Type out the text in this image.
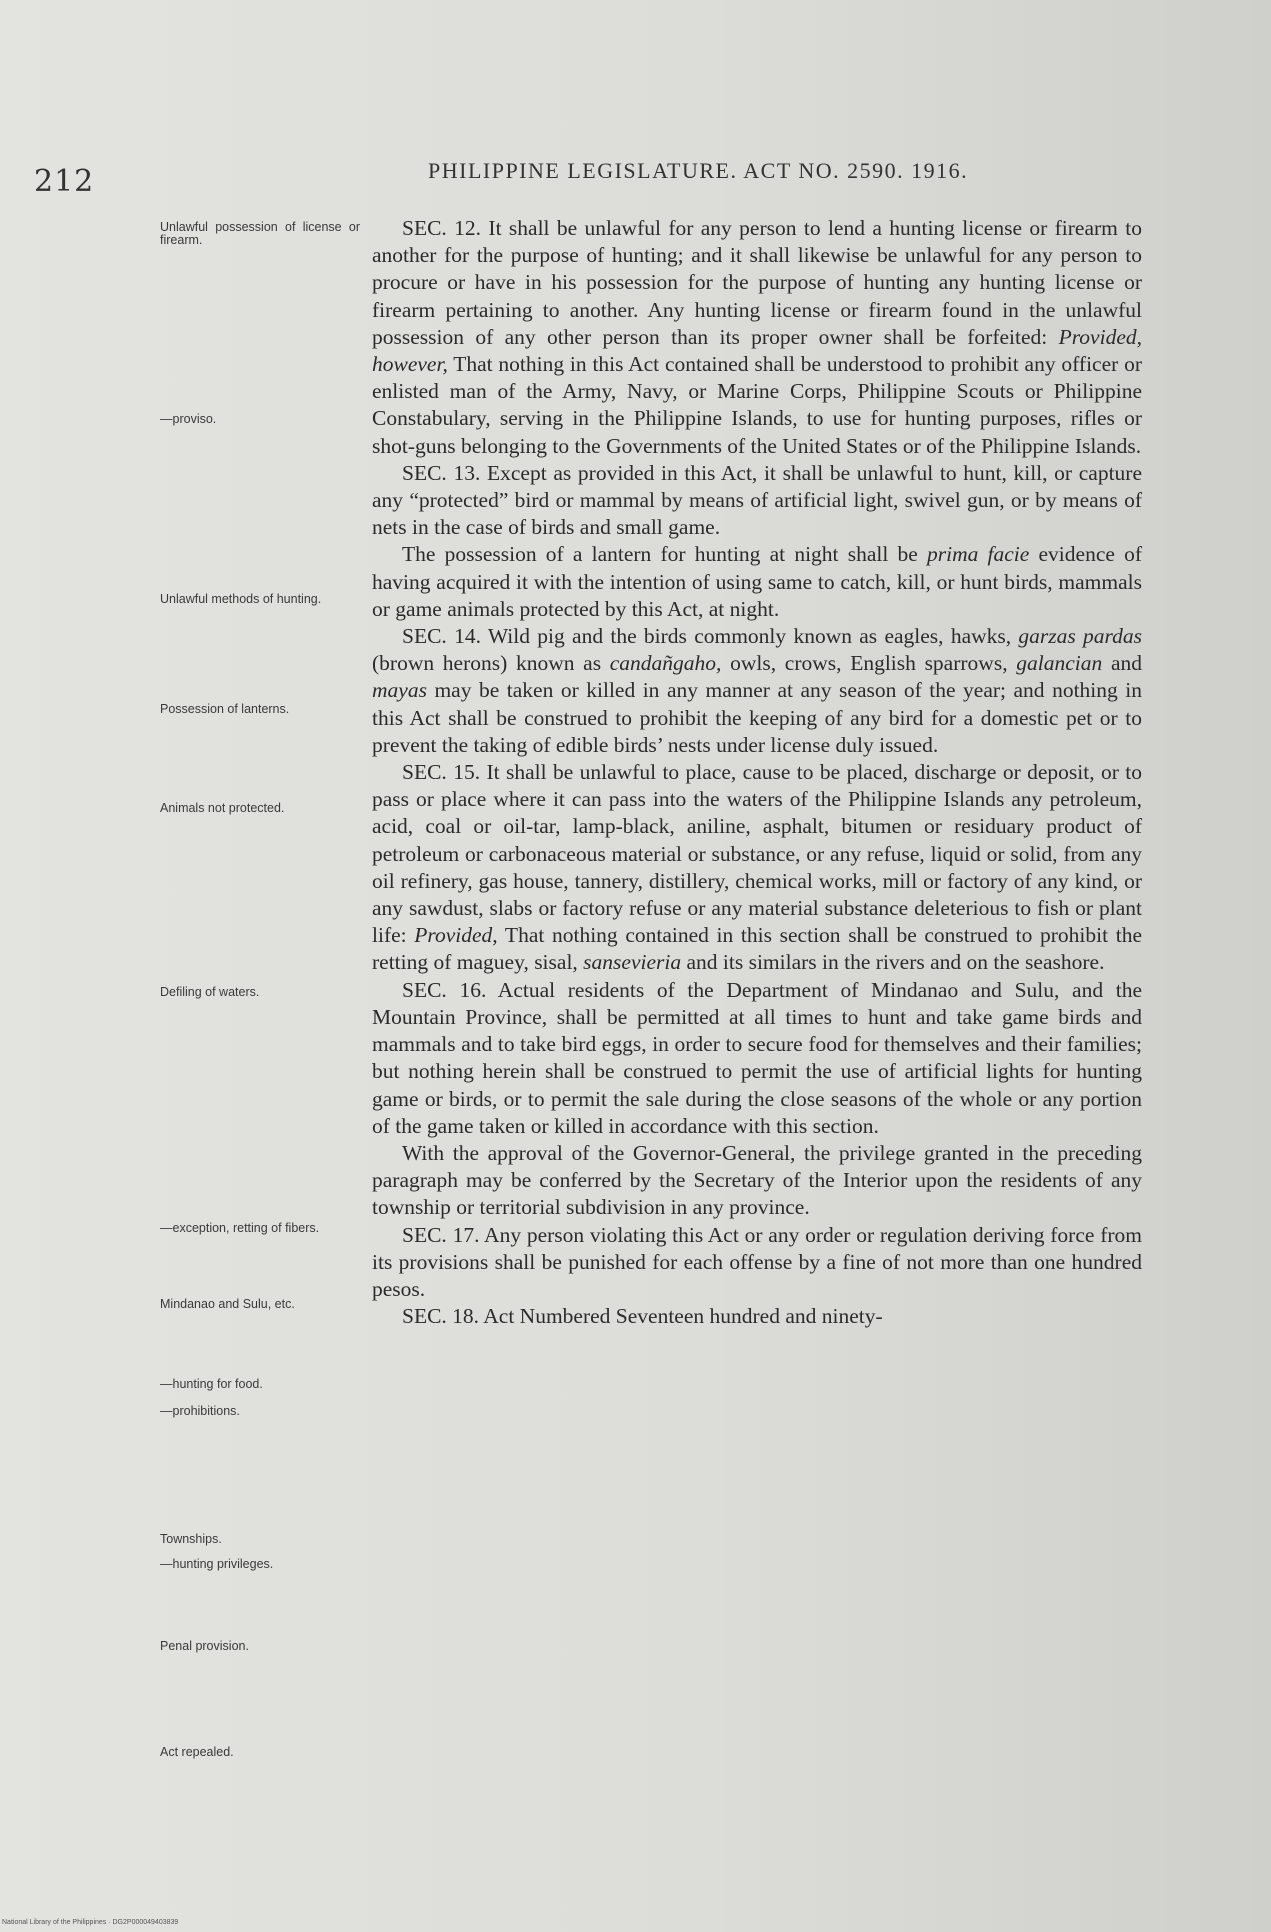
212	PHILIPPINE LEGISLATURE. ACT NO. 2590. 1916.
Unlawful possession of license or firearm.
—proviso.
Unlawful methods of hunting.
Possession of lanterns.
Animals not protected.
Defiling of waters.
—exception, retting of fibers.
Mindanao and Sulu, etc.
—hunting for food.
—prohibitions.
Townships.
—hunting privileges.
Penal provision.
Act repealed.

SEC. 12. It shall be unlawful for any person to lend a hunting license or firearm to another for the purpose of hunting; and it shall likewise be unlawful for any person to procure or have in his possession for the purpose of hunting any hunting license or firearm pertaining to another. Any hunting license or firearm found in the unlawful possession of any other person than its proper owner shall be forfeited: Provided, however, That nothing in this Act contained shall be understood to prohibit any officer or enlisted man of the Army, Navy, or Marine Corps, Philippine Scouts or Philippine Constabulary, serving in the Philippine Islands, to use for hunting purposes, rifles or shot-guns belonging to the Governments of the United States or of the Philippine Islands.

SEC. 13. Except as provided in this Act, it shall be unlawful to hunt, kill, or capture any “protected” bird or mammal by means of artificial light, swivel gun, or by means of nets in the case of birds and small game.

The possession of a lantern for hunting at night shall be prima facie evidence of having acquired it with the intention of using same to catch, kill, or hunt birds, mammals or game animals protected by this Act, at night.

SEC. 14. Wild pig and the birds commonly known as eagles, hawks, garzas pardas (brown herons) known as candañgaho, owls, crows, English sparrows, galancian and mayas may be taken or killed in any manner at any season of the year; and nothing in this Act shall be construed to prohibit the keeping of any bird for a domestic pet or to prevent the taking of edible birds’ nests under license duly issued.

SEC. 15. It shall be unlawful to place, cause to be placed, discharge or deposit, or to pass or place where it can pass into the waters of the Philippine Islands any petroleum, acid, coal or oil-tar, lamp-black, aniline, asphalt, bitumen or residuary product of petroleum or carbonaceous material or substance, or any refuse, liquid or solid, from any oil refinery, gas house, tannery, distillery, chemical works, mill or factory of any kind, or any sawdust, slabs or factory refuse or any material substance deleterious to fish or plant life: Provided, That nothing contained in this section shall be construed to prohibit the retting of maguey, sisal, sansevieria and its similars in the rivers and on the seashore.

SEC. 16. Actual residents of the Department of Mindanao and Sulu, and the Mountain Province, shall be permitted at all times to hunt and take game birds and mammals and to take bird eggs, in order to secure food for themselves and their families; but nothing herein shall be construed to permit the use of artificial lights for hunting game or birds, or to permit the sale during the close seasons of the whole or any portion of the game taken or killed in accordance with this section.

With the approval of the Governor-General, the privilege granted in the preceding paragraph may be conferred by the Secretary of the Interior upon the residents of any township or territorial subdivision in any province.

SEC. 17. Any person violating this Act or any order or regulation deriving force from its provisions shall be punished for each offense by a fine of not more than one hundred pesos.

SEC. 18. Act Numbered Seventeen hundred and ninety-

National Library of the Philippines · DG2P000049403839
